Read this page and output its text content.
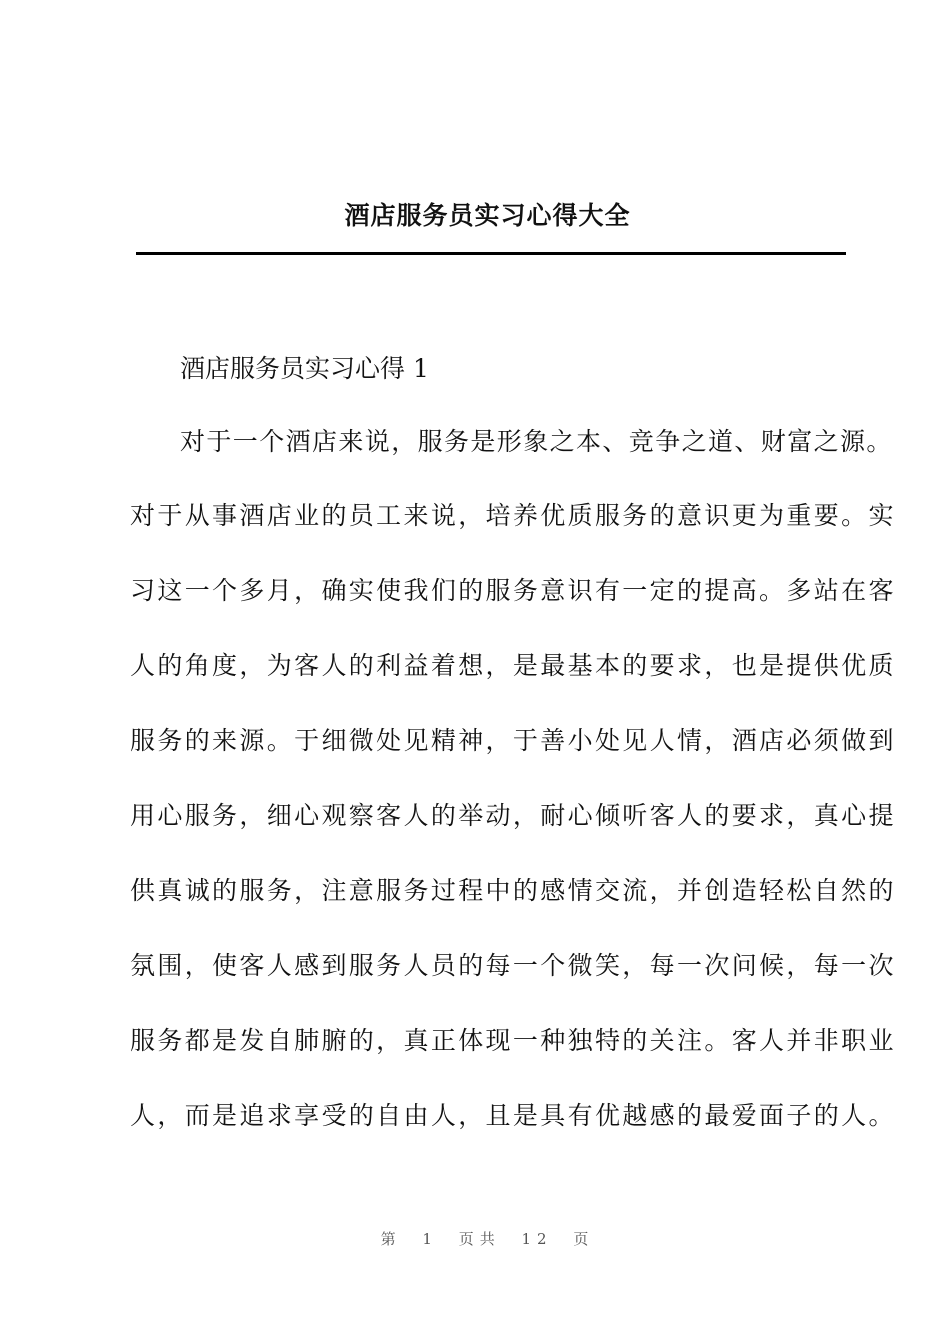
酒店服务员实习心得大全
酒店服务员实习心得 1
对于一个酒店来说，服务是形象之本、竞争之道、财富之源。
对于从事酒店业的员工来说，培养优质服务的意识更为重要。实
习这一个多月，确实使我们的服务意识有一定的提高。多站在客
人的角度，为客人的利益着想，是最基本的要求，也是提供优质
服务的来源。于细微处见精神，于善小处见人情，酒店必须做到
用心服务，细心观察客人的举动，耐心倾听客人的要求，真心提
供真诚的服务，注意服务过程中的感情交流，并创造轻松自然的
氛围，使客人感到服务人员的每一个微笑，每一次问候，每一次
服务都是发自肺腑的，真正体现一种独特的关注。客人并非职业
人，而是追求享受的自由人，且是具有优越感的最爱面子的人。
第 1 页共 12 页
